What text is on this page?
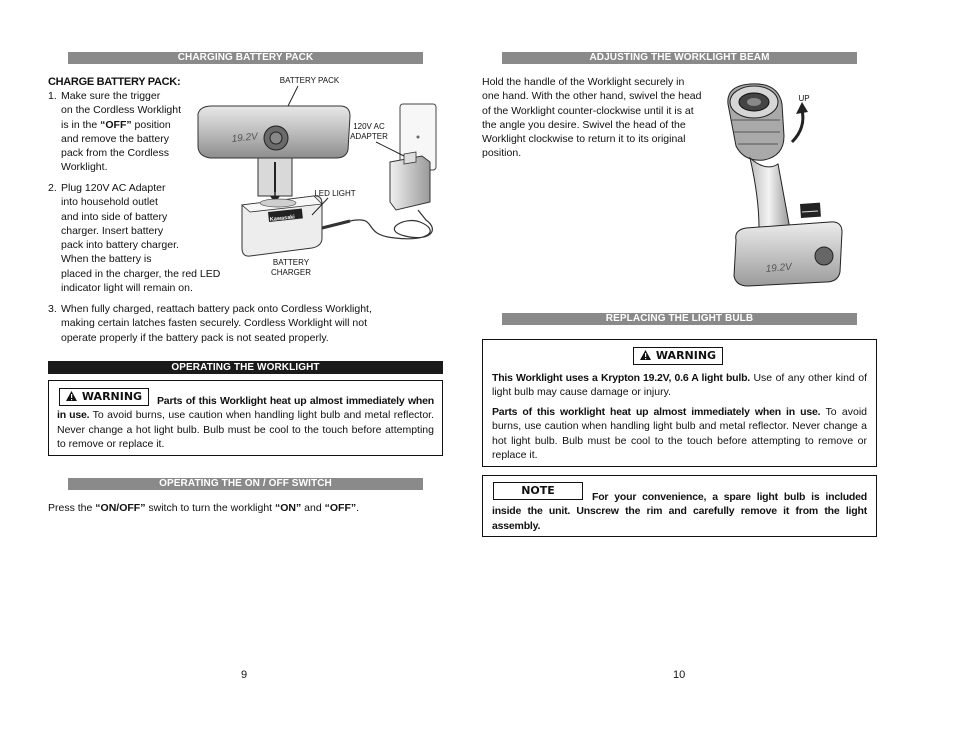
CHARGING BATTERY PACK
CHARGE BATTERY PACK:
1. Make sure the trigger
on the Cordless Worklight
is in the “OFF” position
and remove the battery
pack from the Cordless
Worklight.
2. Plug 120V AC Adapter
into household outlet
and into side of battery
charger. Insert battery
pack into battery charger.
When the battery is
placed in the charger, the red LED
indicator light will remain on.
3. When fully charged, reattach battery pack onto Cordless Worklight,
making certain latches fasten securely. Cordless Worklight will not
operate properly if the battery pack is not seated properly.
19.2V
Kawasaki
BATTERY PACK
120V AC
ADAPTER
LED LIGHT
BATTERY
CHARGER
OPERATING THE WORKLIGHT
WARNING	Parts of this Worklight heat up almost immediately when in use. To avoid burns, use caution when handling light bulb and metal reflector. Never change a hot light bulb. Bulb must be cool to the touch before attempting to remove or replace it.
OPERATING THE ON / OFF SWITCH
Press the “ON/OFF” switch to turn the worklight “ON” and “OFF”.
9
ADJUSTING THE WORKLIGHT BEAM
Hold the handle of the Worklight securely in
one hand. With the other hand, swivel the head
of the Worklight counter-clockwise until it is at
the angle you desire. Swivel the head of the
Worklight clockwise to return it to its original
position.
19.2V
UP
REPLACING THE LIGHT BULB
WARNING
This Worklight uses a Krypton 19.2V, 0.6 A light bulb. Use of any other kind of light bulb may cause damage or injury.
Parts of this worklight heat up almost immediately when in use. To avoid burns, use caution when handling light bulb and metal reflector. Never change a hot light bulb. Bulb must be cool to the touch before attempting to remove or replace it.
NOTE	For your convenience, a spare light bulb is included inside the unit. Unscrew the rim and carefully remove it from the light assembly.
10
